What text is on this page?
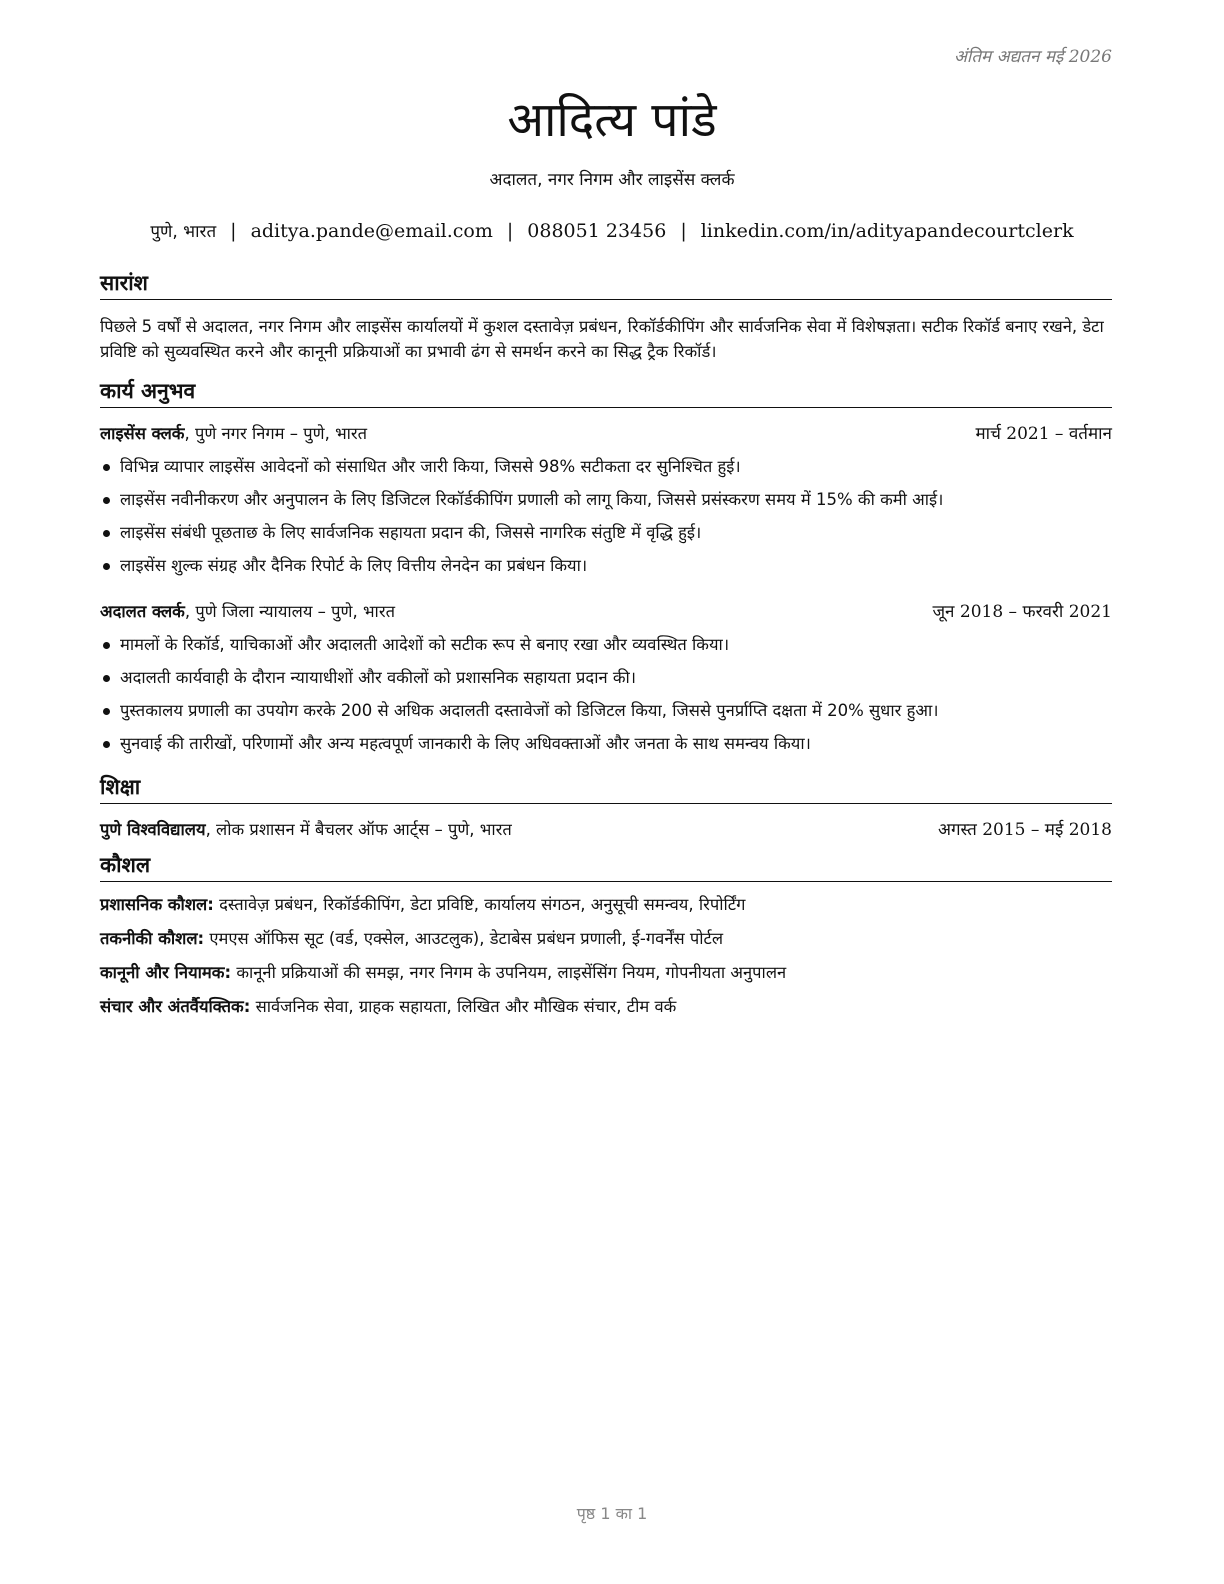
अंतिम अद्यतन मई 2026
आदित्य पांडे
अदालत, नगर निगम और लाइसेंस क्लर्क
पुणे, भारत | aditya.pande@email.com | 088051 23456 | linkedin.com/in/adityapandecourtclerk
सारांश

पिछले 5 वर्षों से अदालत, नगर निगम और लाइसेंस कार्यालयों में कुशल दस्तावेज़ प्रबंधन, रिकॉर्डकीपिंग और सार्वजनिक सेवा में विशेषज्ञता। सटीक रिकॉर्ड बनाए रखने, डेटा प्रविष्टि को सुव्यवस्थित करने और कानूनी प्रक्रियाओं का प्रभावी ढंग से समर्थन करने का सिद्ध ट्रैक रिकॉर्ड।

कार्य अनुभव
लाइसेंस क्लर्क, पुणे नगर निगम – पुणे, भारत	मार्च 2021 – वर्तमान
विभिन्न व्यापार लाइसेंस आवेदनों को संसाधित और जारी किया, जिससे 98% सटीकता दर सुनिश्चित हुई।
लाइसेंस नवीनीकरण और अनुपालन के लिए डिजिटल रिकॉर्डकीपिंग प्रणाली को लागू किया, जिससे प्रसंस्करण समय में 15% की कमी आई।
लाइसेंस संबंधी पूछताछ के लिए सार्वजनिक सहायता प्रदान की, जिससे नागरिक संतुष्टि में वृद्धि हुई।
लाइसेंस शुल्क संग्रह और दैनिक रिपोर्ट के लिए वित्तीय लेनदेन का प्रबंधन किया।
अदालत क्लर्क, पुणे जिला न्यायालय – पुणे, भारत	जून 2018 – फरवरी 2021
मामलों के रिकॉर्ड, याचिकाओं और अदालती आदेशों को सटीक रूप से बनाए रखा और व्यवस्थित किया।
अदालती कार्यवाही के दौरान न्यायाधीशों और वकीलों को प्रशासनिक सहायता प्रदान की।
पुस्तकालय प्रणाली का उपयोग करके 200 से अधिक अदालती दस्तावेजों को डिजिटल किया, जिससे पुनर्प्राप्ति दक्षता में 20% सुधार हुआ।
सुनवाई की तारीखों, परिणामों और अन्य महत्वपूर्ण जानकारी के लिए अधिवक्ताओं और जनता के साथ समन्वय किया।
शिक्षा
पुणे विश्वविद्यालय, लोक प्रशासन में बैचलर ऑफ आर्ट्स – पुणे, भारत	अगस्त 2015 – मई 2018
कौशल
प्रशासनिक कौशल: दस्तावेज़ प्रबंधन, रिकॉर्डकीपिंग, डेटा प्रविष्टि, कार्यालय संगठन, अनुसूची समन्वय, रिपोर्टिंग
तकनीकी कौशल: एमएस ऑफिस सूट (वर्ड, एक्सेल, आउटलुक), डेटाबेस प्रबंधन प्रणाली, ई-गवर्नेंस पोर्टल
कानूनी और नियामक: कानूनी प्रक्रियाओं की समझ, नगर निगम के उपनियम, लाइसेंसिंग नियम, गोपनीयता अनुपालन
संचार और अंतर्वैयक्तिक: सार्वजनिक सेवा, ग्राहक सहायता, लिखित और मौखिक संचार, टीम वर्क
पृष्ठ 1 का 1
